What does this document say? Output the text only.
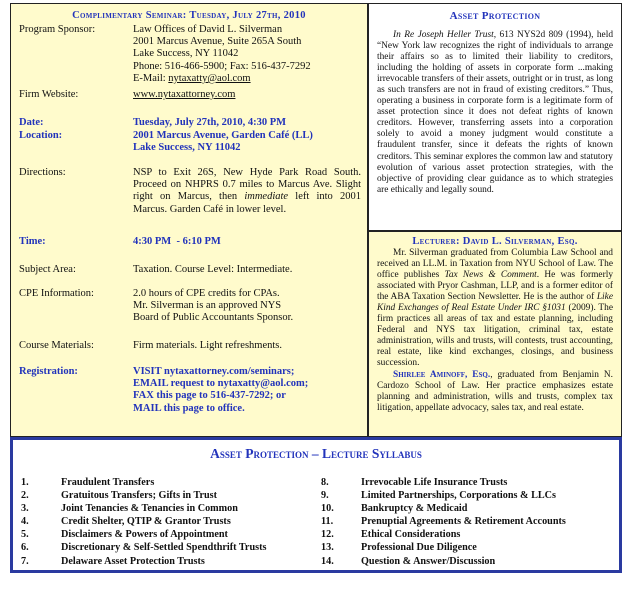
Complimentary Seminar: Tuesday, July 27th, 2010
Program Sponsor:	Law Offices of David L. Silverman
2001 Marcus Avenue, Suite 265A South
Lake Success, NY 11042
Phone: 516-466-5900; Fax: 516-437-7292
E-Mail: nytaxatty@aol.com
Firm Website:	www.nytaxattorney.com
Date:	Tuesday, July 27th, 2010, 4:30 PM
Location:	2001 Marcus Avenue, Garden Café (LL)
Lake Success, NY 11042
Directions:	NSP to Exit 26S, New Hyde Park Road South. Proceed on NHPRS 0.7 miles to Marcus Ave. Slight right on Marcus, then immediate left into 2001 Marcus. Garden Café in lower level.
Time:	4:30 PM  - 6:10 PM
Subject Area:	Taxation. Course Level: Intermediate.
CPE Information:	2.0 hours of CPE credits for CPAs.
Mr. Silverman is an approved NYS
Board of Public Accountants Sponsor.
Course Materials:	Firm materials. Light refreshments.
Registration:	VISIT nytaxattorney.com/seminars;
EMAIL request to nytaxatty@aol.com;
FAX this page to 516-437-7292; or
MAIL this page to office.
Asset Protection

In Re Joseph Heller Trust, 613 NYS2d 809 (1994), held “New York law recognizes the right of individuals to arrange their affairs so as to limited their liability to creditors, including the holding of assets in corporate form ...making irrevocable transfers of their assets, outright or in trust, as long as such transfers are not in fraud of existing creditors.” Thus, operating a business in corporate form is a legitimate form of asset protection since it does not defeat rights of known creditors. However, transferring assets into a corporation solely to avoid a money judgment would constitute a fraudulent transfer, since it defeats the rights of known creditors. This seminar explores the common law and statutory evolution of various asset protection strategies, with the objective of providing clear guidance as to which strategies are ethically and legally sound.

Lecturer: David L. Silverman, Esq.

Mr. Silverman graduated from Columbia Law School and received an LL.M. in Taxation from NYU School of Law. The office publishes Tax News & Comment. He was formerly associated with Pryor Cashman, LLP, and is a former editor of the ABA Taxation Section Newsletter. He is the author of Like Kind Exchanges of Real Estate Under IRC §1031 (2009). The firm practices all areas of tax and estate planning, including Federal and NYS tax litigation, criminal tax, estate administration, wills and trusts, will contests, trust accounting, real estate, like kind exchanges, closings, and business succession.

Shirlee Aminoff, Esq., graduated from Benjamin N. Cardozo School of Law. Her practice emphasizes estate planning and administration, wills and trusts, complex tax litigation, appellate advocacy, sales tax, and real estate.

Asset Protection – Lecture Syllabus
1.	Fraudulent Transfers
2.	Gratuitous Transfers; Gifts in Trust
3.	Joint Tenancies & Tenancies in Common
4.	Credit Shelter, QTIP & Grantor Trusts
5.	Disclaimers & Powers of Appointment
6.	Discretionary & Self-Settled Spendthrift Trusts
7.	Delaware Asset Protection Trusts
8.	Irrevocable Life Insurance Trusts
9.	Limited Partnerships, Corporations & LLCs
10.	Bankruptcy & Medicaid
11.	Prenuptial Agreements & Retirement Accounts
12.	Ethical Considerations
13.	Professional Due Diligence
14.	Question & Answer/Discussion
